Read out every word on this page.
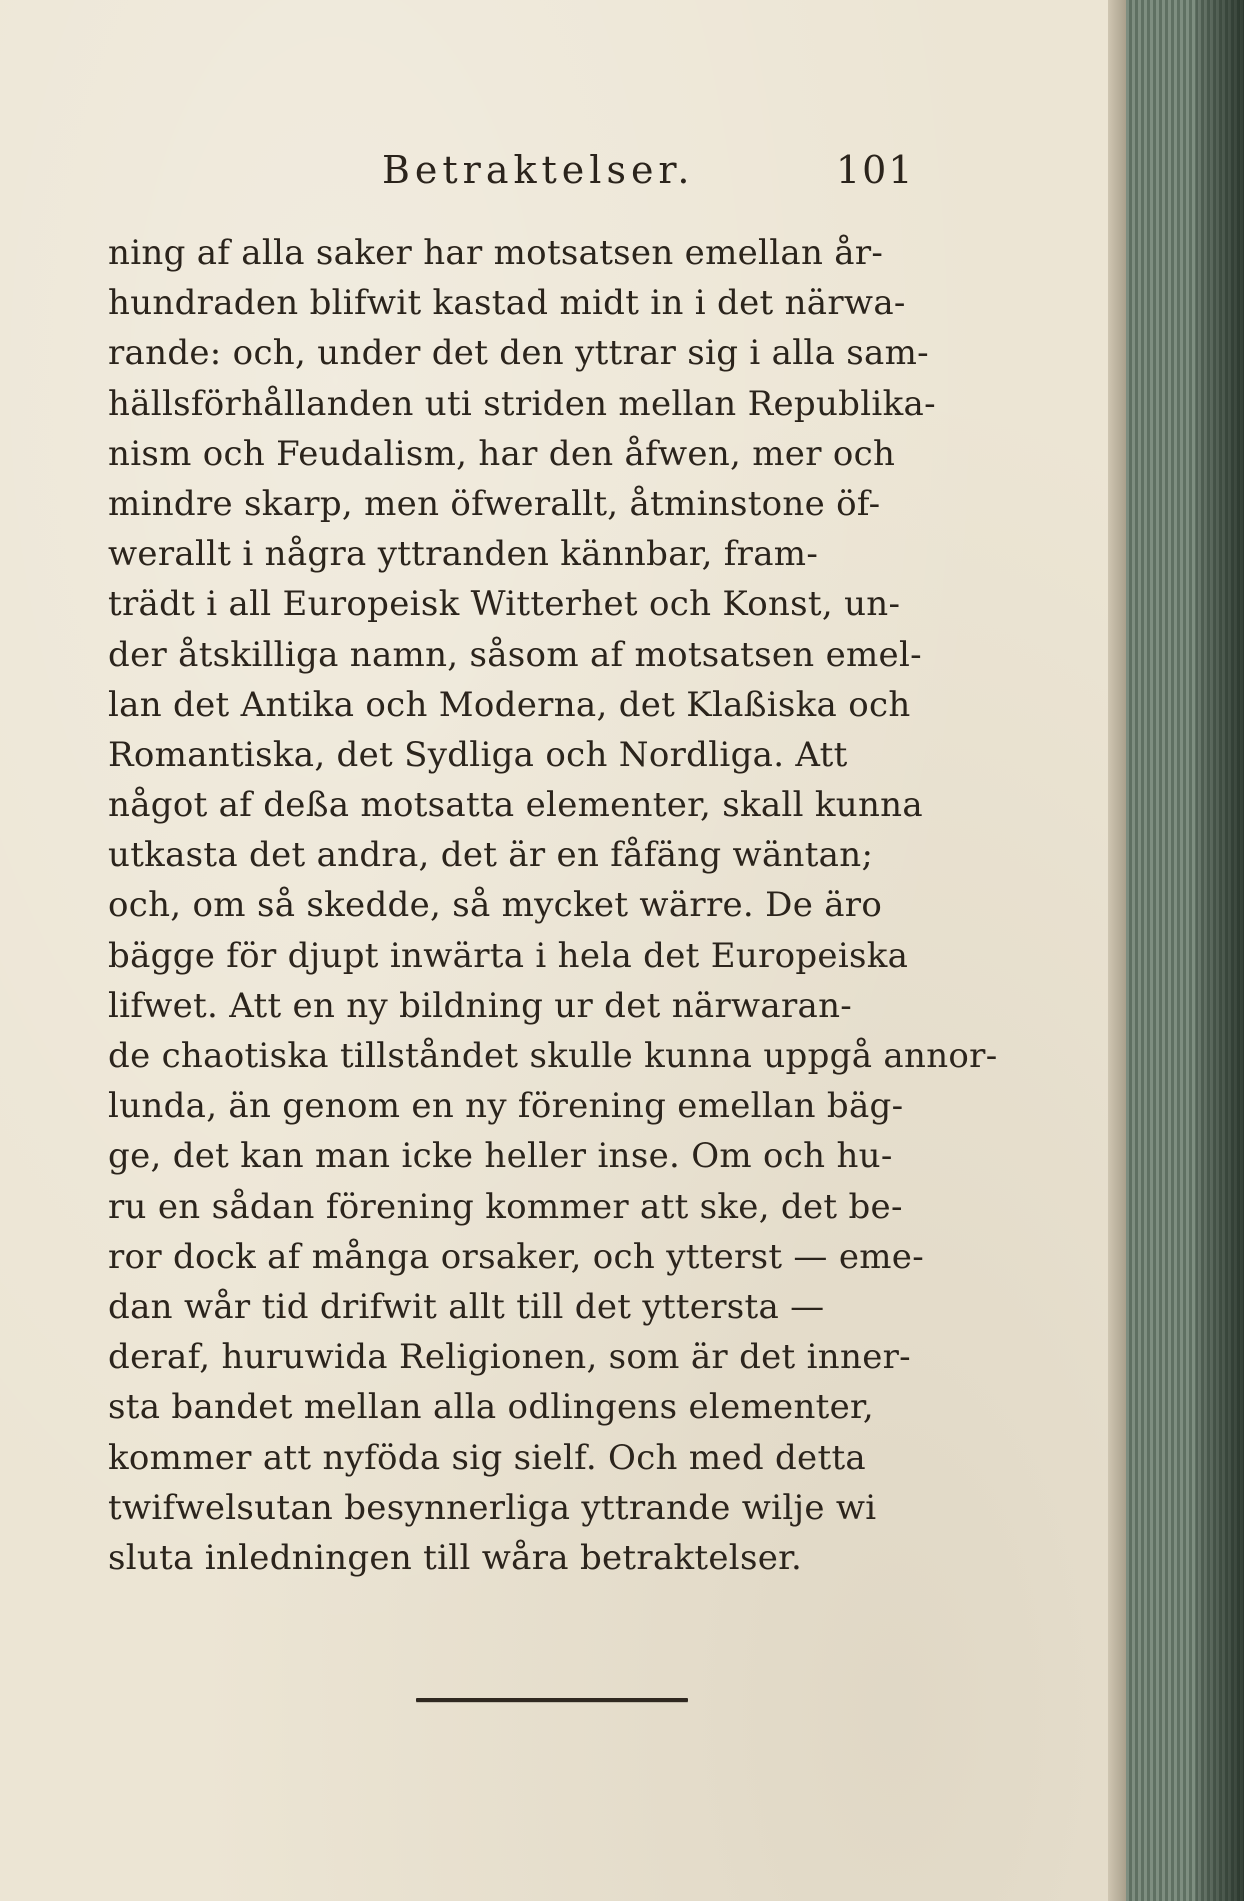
Betraktelser.	101
ning af alla saker har motsatsen emellan år-
hundraden blifwit kastad midt in i det närwa-
rande: och, under det den yttrar sig i alla sam-
hällsförhållanden uti striden mellan Republika-
nism och Feudalism, har den åfwen, mer och
mindre skarp, men öfwerallt, åtminstone öf-
werallt i några yttranden kännbar, fram-
trädt i all Europeisk Witterhet och Konst, un-
der åtskilliga namn, såsom af motsatsen emel-
lan det Antika och Moderna, det Klaßiska och
Romantiska, det Sydliga och Nordliga. Att
något af deßa motsatta elementer, skall kunna
utkasta det andra, det är en fåfäng wäntan;
och, om så skedde, så mycket wärre. De äro
bägge för djupt inwärta i hela det Europeiska
lifwet. Att en ny bildning ur det närwaran-
de chaotiska tillståndet skulle kunna uppgå annor-
lunda, än genom en ny förening emellan bäg-
ge, det kan man icke heller inse. Om och hu-
ru en sådan förening kommer att ske, det be-
ror dock af många orsaker, och ytterst — eme-
dan wår tid drifwit allt till det yttersta —
deraf, huruwida Religionen, som är det inner-
sta bandet mellan alla odlingens elementer,
kommer att nyföda sig sielf. Och med detta
twifwelsutan besynnerliga yttrande wilje wi
sluta inledningen till wåra betraktelser.
